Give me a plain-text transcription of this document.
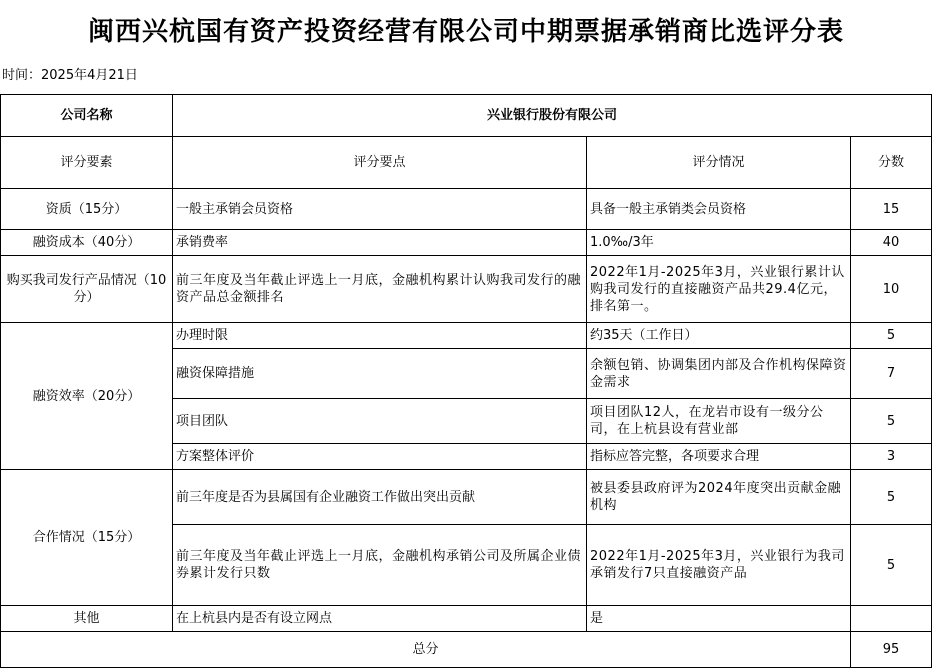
闽西兴杭国有资产投资经营有限公司中期票据承销商比选评分表
时间：2025年4月21日
公司名称	兴业银行股份有限公司		
评分要素	评分要点	评分情况	分数
资质（15分）	一般主承销会员资格	具备一般主承销类会员资格	15
融资成本（40分）	承销费率	1.0‰/3年	40
购买我司发行产品情况（10分）	前三年度及当年截止评选上一月底，金融机构累计认购我司发行的融资产品总金额排名	2022年1月-2025年3月，兴业银行累计认购我司发行的直接融资产品共29.4亿元，排名第一。	10
融资效率（20分）	办理时限	约35天（工作日）	5
	融资保障措施	余额包销、协调集团内部及合作机构保障资金需求	7
	项目团队	项目团队12人，在龙岩市设有一级分公司，在上杭县设有营业部	5
	方案整体评价	指标应答完整，各项要求合理	3
合作情况（15分）	前三年度是否为县属国有企业融资工作做出突出贡献	被县委县政府评为2024年度突出贡献金融机构	5
	前三年度及当年截止评选上一月底，金融机构承销公司及所属企业债券累计发行只数	2022年1月-2025年3月，兴业银行为我司承销发行7只直接融资产品	5
其他	在上杭县内是否有设立网点	是	
总分			95
